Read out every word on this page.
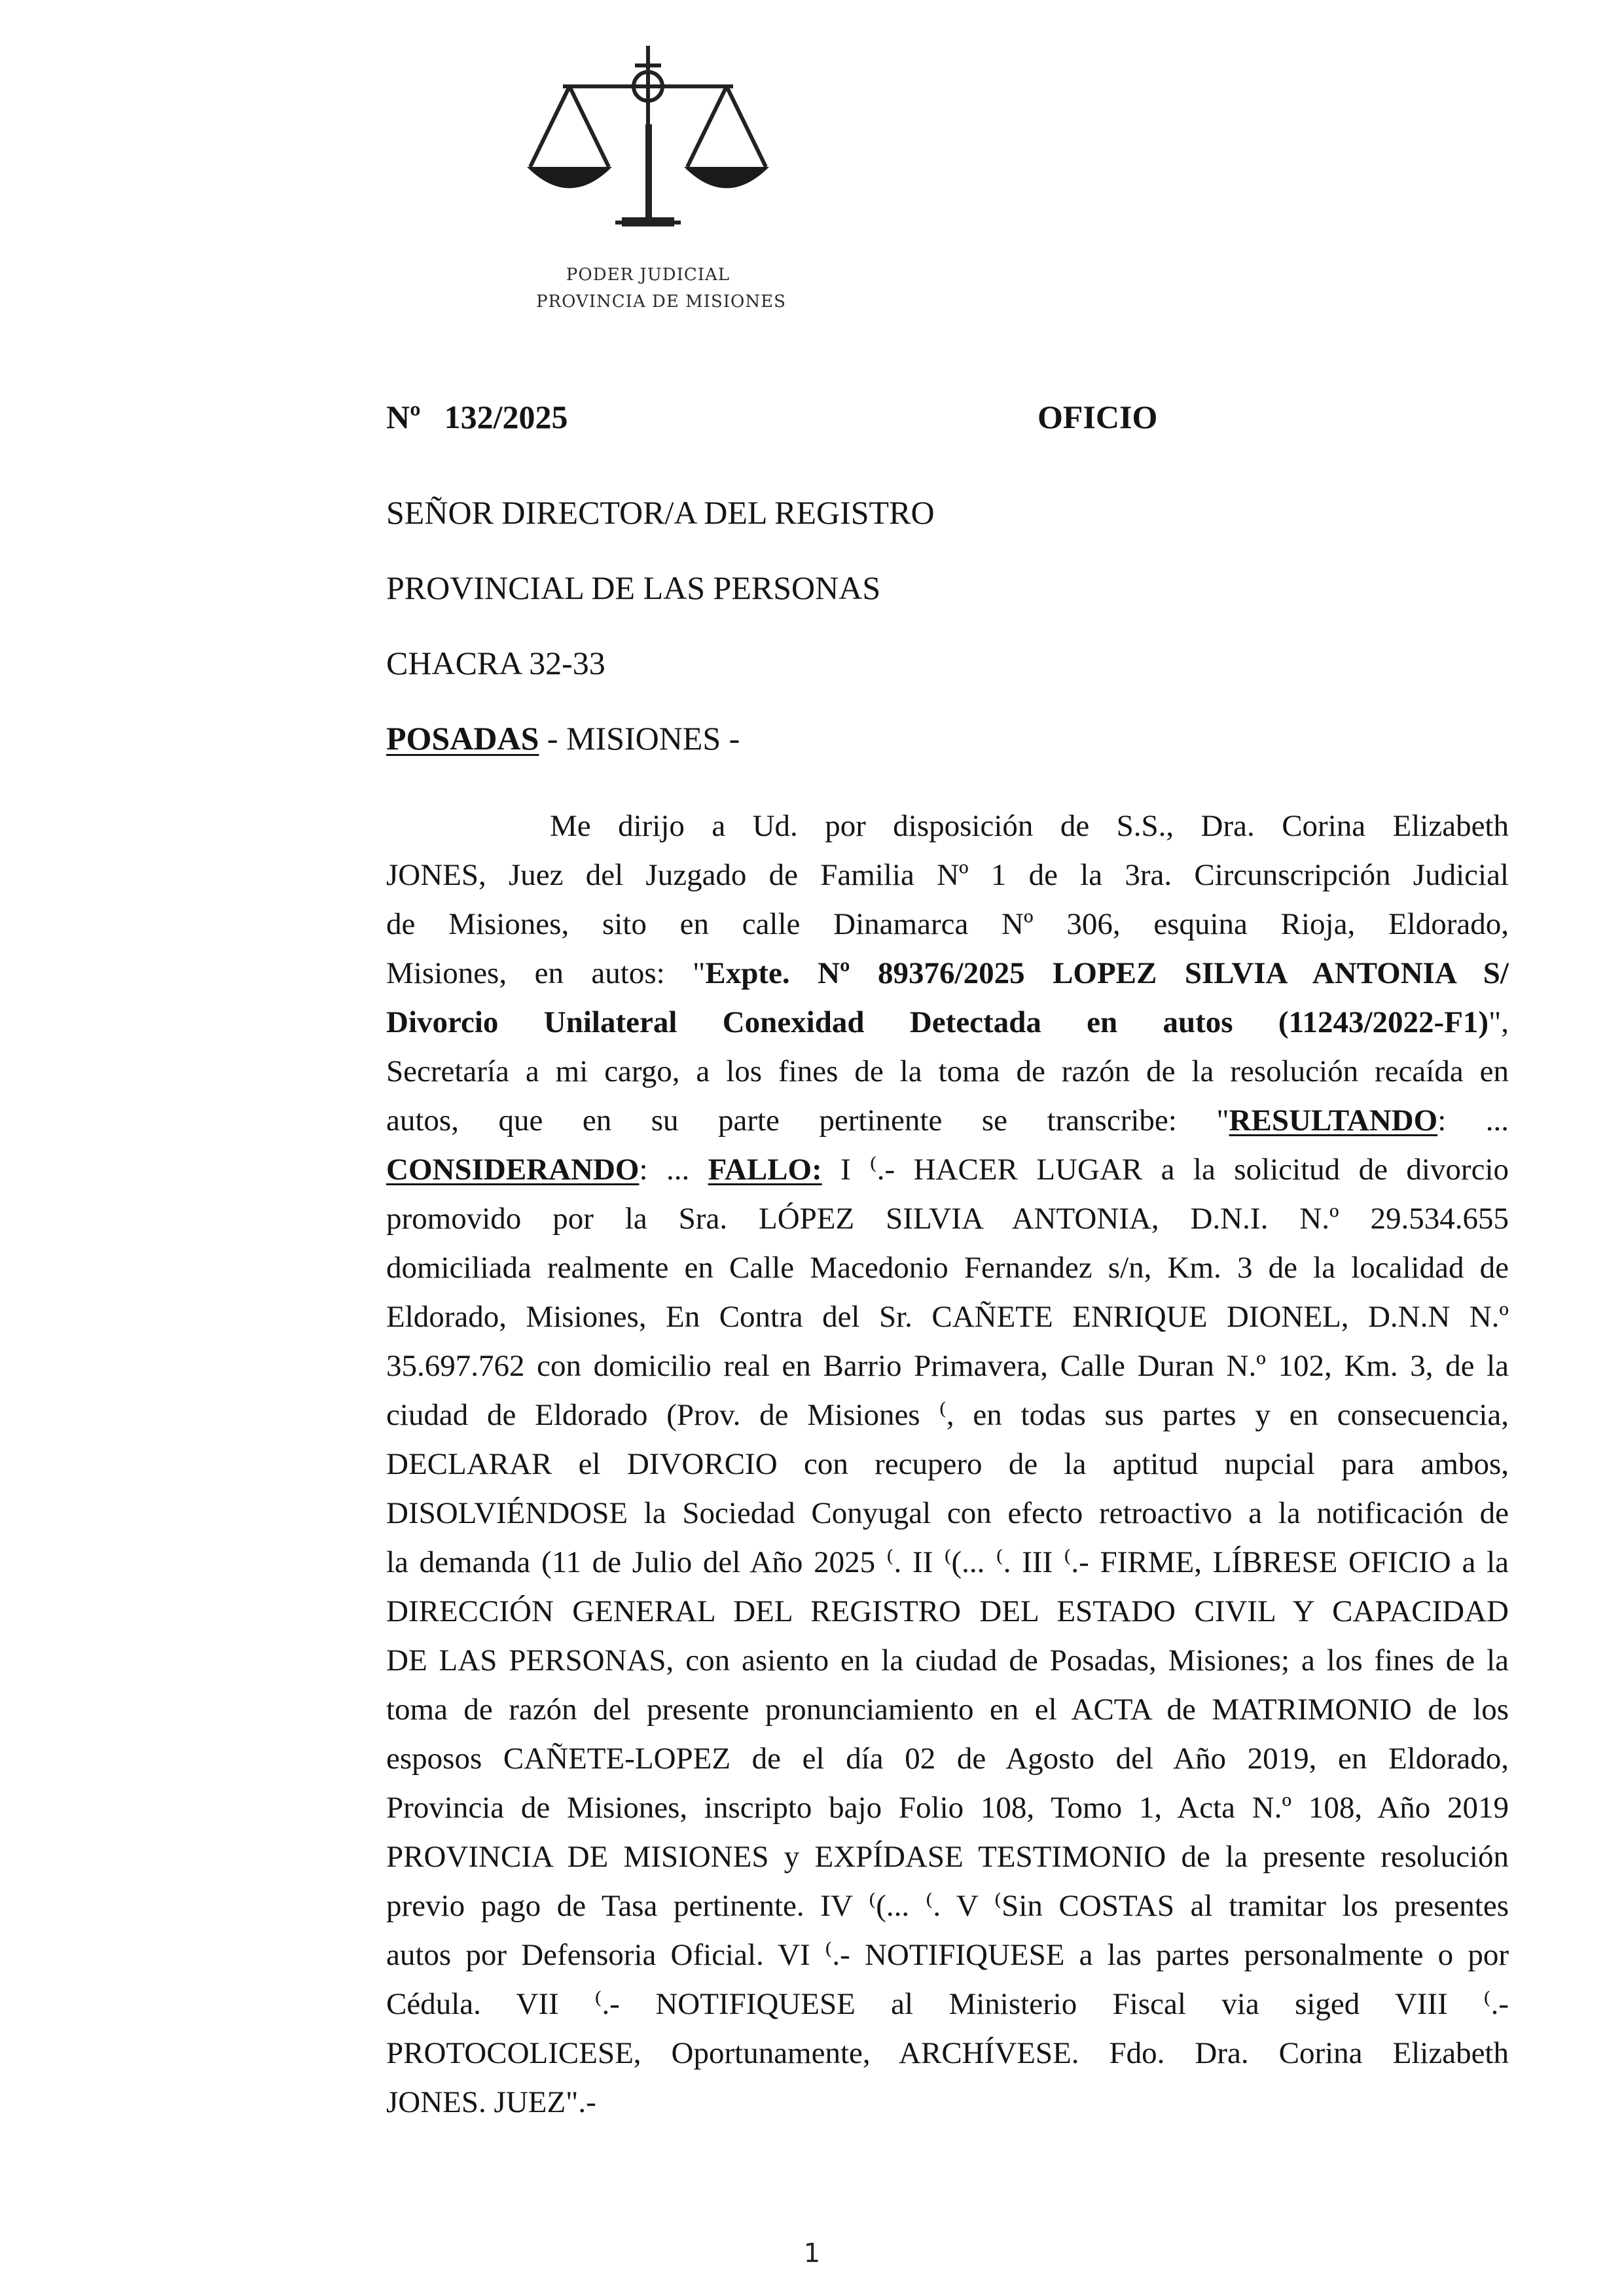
PODER JUDICIAL
PROVINCIA DE MISIONES
Nº 132/2025	OFICIO
SEÑOR DIRECTOR/A DEL REGISTRO
PROVINCIAL DE LAS PERSONAS
CHACRA 32-33
POSADAS - MISIONES -
Me dirijo a Ud. por disposición de S.S., Dra. Corina Elizabeth
JONES, Juez del Juzgado de Familia Nº 1 de la 3ra. Circunscripción Judicial
de Misiones, sito en calle Dinamarca Nº 306, esquina Rioja, Eldorado,
Misiones, en autos: "Expte. Nº 89376/2025 LOPEZ SILVIA ANTONIA S/
Divorcio Unilateral Conexidad Detectada en autos (11243/2022-F1)",
Secretaría a mi cargo, a los fines de la toma de razón de la resolución recaída en
autos, que en su parte pertinente se transcribe: "RESULTANDO: ...
CONSIDERANDO: ... FALLO: I ⁽.- HACER LUGAR a la solicitud de divorcio
promovido por la Sra. LÓPEZ SILVIA ANTONIA, D.N.I. N.º 29.534.655
domiciliada realmente en Calle Macedonio Fernandez s/n, Km. 3 de la localidad de
Eldorado, Misiones, En Contra del Sr. CAÑETE ENRIQUE DIONEL, D.N.N N.º
35.697.762 con domicilio real en Barrio Primavera, Calle Duran N.º 102, Km. 3, de la
ciudad de Eldorado (Prov. de Misiones ⁽, en todas sus partes y en consecuencia,
DECLARAR el DIVORCIO con recupero de la aptitud nupcial para ambos,
DISOLVIÉNDOSE la Sociedad Conyugal con efecto retroactivo a la notificación de
la demanda (11 de Julio del Año 2025 ⁽. II ⁽(... ⁽. III ⁽.- FIRME, LÍBRESE OFICIO a la
DIRECCIÓN GENERAL DEL REGISTRO DEL ESTADO CIVIL Y CAPACIDAD
DE LAS PERSONAS, con asiento en la ciudad de Posadas, Misiones; a los fines de la
toma de razón del presente pronunciamiento en el ACTA de MATRIMONIO de los
esposos CAÑETE-LOPEZ de el día 02 de Agosto del Año 2019, en Eldorado,
Provincia de Misiones, inscripto bajo Folio 108, Tomo 1, Acta N.º 108, Año 2019
PROVINCIA DE MISIONES y EXPÍDASE TESTIMONIO de la presente resolución
previo pago de Tasa pertinente. IV ⁽(... ⁽. V ⁽Sin COSTAS al tramitar los presentes
autos por Defensoria Oficial. VI ⁽.- NOTIFIQUESE a las partes personalmente o por
Cédula. VII ⁽.- NOTIFIQUESE al Ministerio Fiscal via siged VIII ⁽.-
PROTOCOLICESE, Oportunamente, ARCHÍVESE. Fdo. Dra. Corina Elizabeth
JONES. JUEZ".-
1
